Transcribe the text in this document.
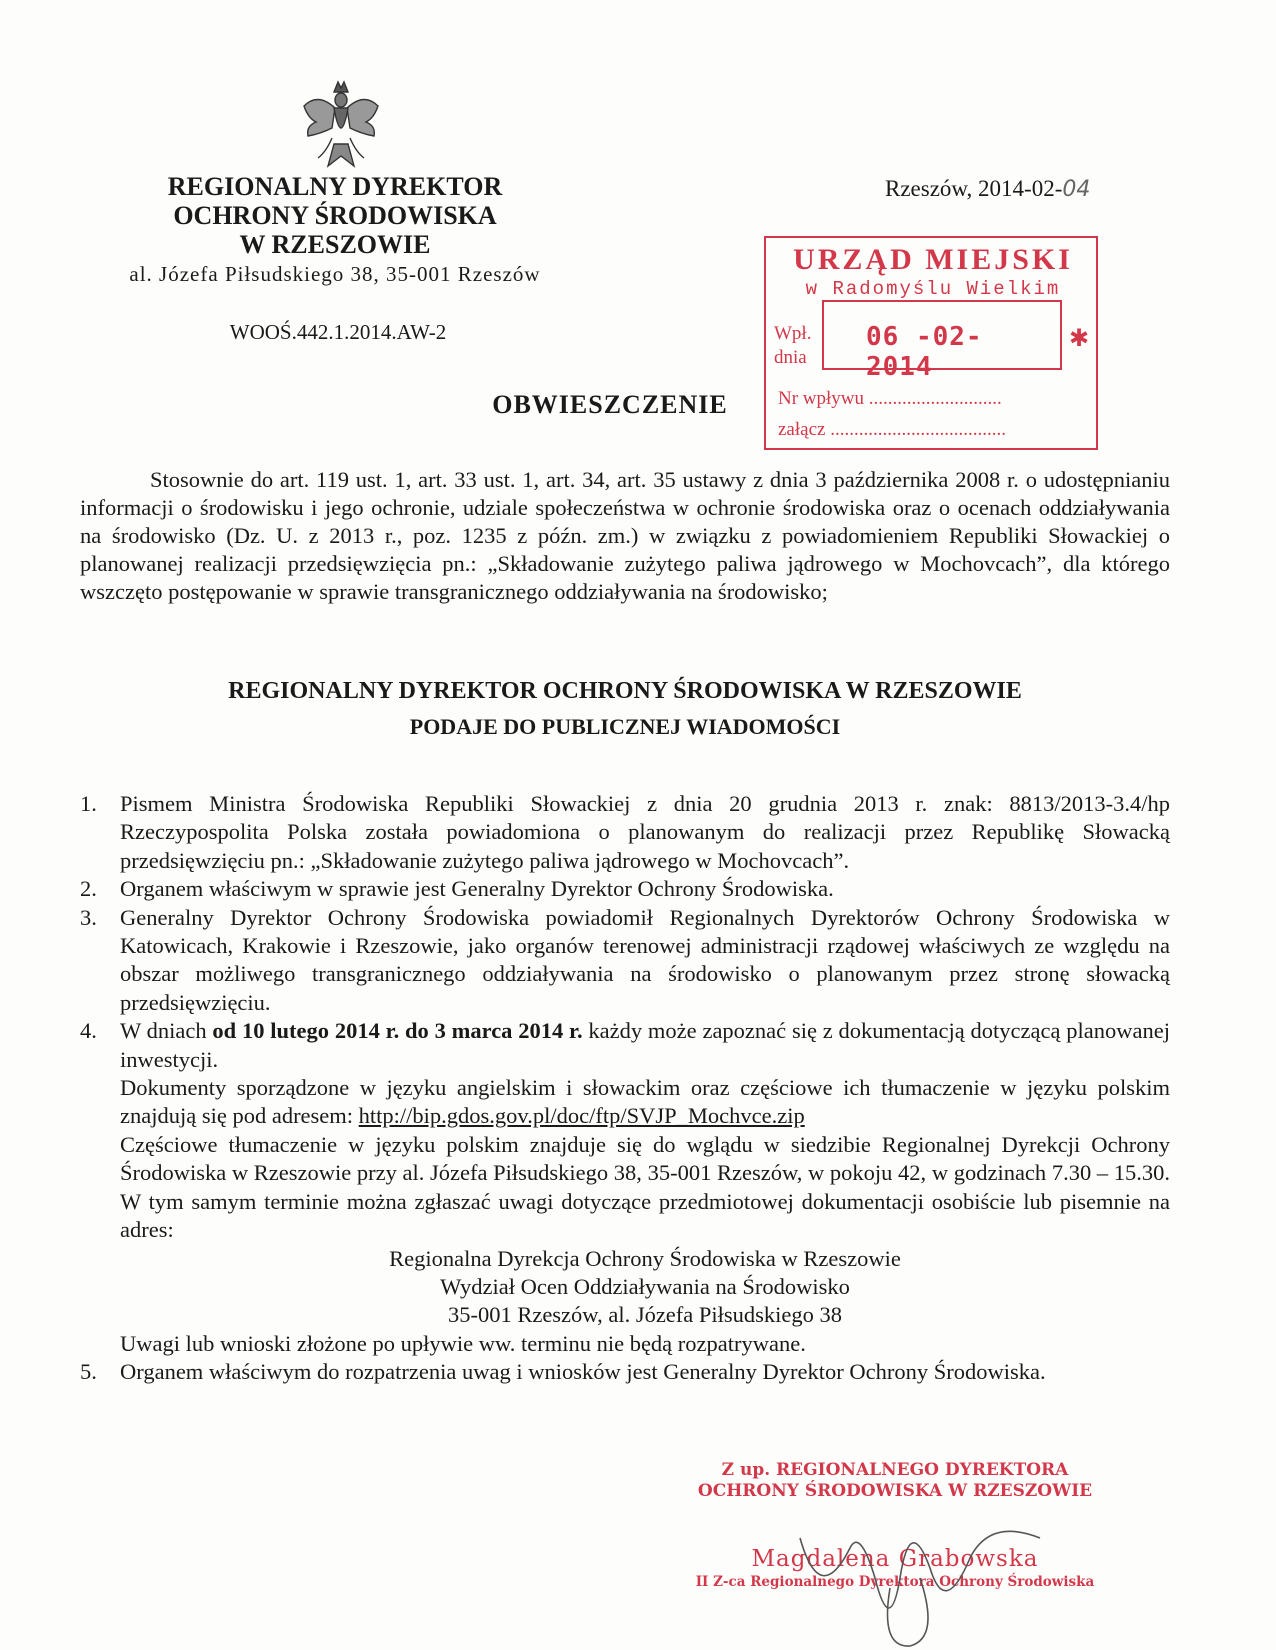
REGIONALNY DYREKTOR
OCHRONY ŚRODOWISKA
W RZESZOWIE
al. Józefa Piłsudskiego 38, 35-001 Rzeszów
WOOŚ.442.1.2014.AW-2
Rzeszów, 2014-02-04
URZĄD MIEJSKI
w Radomyślu Wielkim
Wpł.
dnia
06 -02- 2014
✱
Nr wpływu ............................
załącz .....................................
OBWIESZCZENIE

Stosownie do art. 119 ust. 1, art. 33 ust. 1, art. 34, art. 35 ustawy z dnia 3 października 2008 r. o udostępnianiu informacji o środowisku i jego ochronie, udziale społeczeństwa w ochronie środowiska oraz o ocenach oddziaływania na środowisko (Dz. U. z 2013 r., poz. 1235 z późn. zm.) w związku z powiadomieniem Republiki Słowackiej o planowanej realizacji przedsięwzięcia pn.: „Składowanie zużytego paliwa jądrowego w Mochovcach”, dla którego wszczęto postępowanie w sprawie transgranicznego oddziaływania na środowisko;

REGIONALNY DYREKTOR OCHRONY ŚRODOWISKA W RZESZOWIE
PODAJE DO PUBLICZNEJ WIADOMOŚCI
1. Pismem Ministra Środowiska Republiki Słowackiej z dnia 20 grudnia 2013 r. znak: 8813/2013-3.4/hp Rzeczypospolita Polska została powiadomiona o planowanym do realizacji przez Republikę Słowacką przedsięwzięciu pn.: „Składowanie zużytego paliwa jądrowego w Mochovcach”.

2. Organem właściwym w sprawie jest Generalny Dyrektor Ochrony Środowiska.

3. Generalny Dyrektor Ochrony Środowiska powiadomił Regionalnych Dyrektorów Ochrony Środowiska w Katowicach, Krakowie i Rzeszowie, jako organów terenowej administracji rządowej właściwych ze względu na obszar możliwego transgranicznego oddziaływania na środowisko o planowanym przez stronę słowacką przedsięwzięciu.

4. W dniach od 10 lutego 2014 r. do 3 marca 2014 r. każdy może zapoznać się z dokumentacją dotyczącą planowanej inwestycji.

Dokumenty sporządzone w języku angielskim i słowackim oraz częściowe ich tłumaczenie w języku polskim znajdują się pod adresem: http://bip.gdos.gov.pl/doc/ftp/SVJP_Mochvce.zip

Częściowe tłumaczenie w języku polskim znajduje się do wglądu w siedzibie Regionalnej Dyrekcji Ochrony Środowiska w Rzeszowie przy al. Józefa Piłsudskiego 38, 35-001 Rzeszów, w pokoju 42, w godzinach 7.30 – 15.30. W tym samym terminie można zgłaszać uwagi dotyczące przedmiotowej dokumentacji osobiście lub pisemnie na adres:

Regionalna Dyrekcja Ochrony Środowiska w Rzeszowie

Wydział Ocen Oddziaływania na Środowisko

35-001 Rzeszów, al. Józefa Piłsudskiego 38

Uwagi lub wnioski złożone po upływie ww. terminu nie będą rozpatrywane.

5. Organem właściwym do rozpatrzenia uwag i wniosków jest Generalny Dyrektor Ochrony Środowiska.

Z up. REGIONALNEGO DYREKTORA
OCHRONY ŚRODOWISKA W RZESZOWIE
Magdalena Grabowska
II Z-ca Regionalnego Dyrektora Ochrony Środowiska
